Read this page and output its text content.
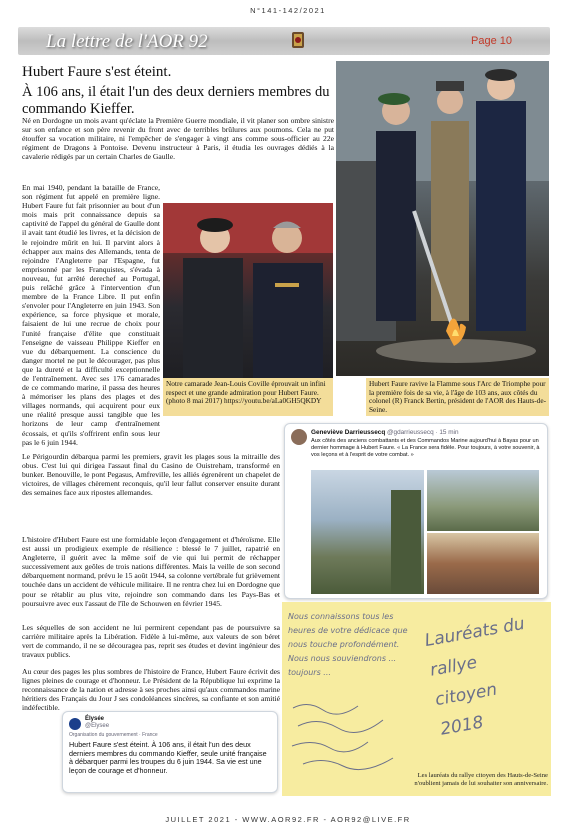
N°141-142/2021
La lettre de l'AOR 92	Page 10
Hubert Faure s'est éteint.
À 106 ans, il était l'un des deux derniers membres du commando Kieffer.
Notre camarade Jean-Louis Coville éprouvait un infini respect et une grande admiration pour Hubert Faure. (photo 8 mai 2017) https://youtu.be/aLa0GH5QKDY
Hubert Faure ravive la Flamme sous l'Arc de Triomphe pour la première fois de sa vie, à l'âge de 103 ans, aux côtés du colonel (R) Franck Bertin, président de l'AOR des Hauts-de-Seine.

Né en Dordogne un mois avant qu'éclate la Première Guerre mondiale, il vit planer son ombre sinistre sur son enfance et son père revenir du front avec de terribles brûlures aux poumons. Cela ne put étouffer sa vocation militaire, ni l'empêcher de s'engager à vingt ans comme sous-officier au 22e régiment de Dragons à Pontoise. Devenu instructeur à Paris, il étudia les ouvrages dédiés à la cavalerie rédigés par un certain Charles de Gaulle.

En mai 1940, pendant la bataille de France, son régiment fut appelé en première ligne. Hubert Faure fut fait prisonnier au bout d'un mois mais prit connaissance depuis sa captivité de l'appel du général de Gaulle dont il avait tant étudié les livres, et la décision de le rejoindre mûrit en lui. Il parvint alors à échapper aux mains des Allemands, tenta de rejoindre l'Angleterre par l'Espagne, fut emprisonné par les Franquistes, s'évada à nouveau, fut arrêté derechef au Portugal, puis relâché grâce à l'intervention d'un membre de la France Libre. Il put enfin s'envoler pour l'Angleterre en juin 1943. Son expérience, sa force physique et morale, faisaient de lui une recrue de choix pour l'unité française d'élite que constituait l'enseigne de vaisseau Philippe Kieffer en vue du débarquement. La conscience du danger mortel ne put le décourager, pas plus que la dureté et la difficulté exceptionnelle de l'entraînement. Avec ses 176 camarades de ce commando marine, il passa des heures à mémoriser les plans des plages et des villages normands, qui acquirent pour eux une réalité presque aussi tangible que les horizons de leur camp d'entraînement écossais, et qu'ils s'offrirent enfin sous leur pas le 6 juin 1944.

Le Périgourdin débarqua parmi les premiers, gravit les plages sous la mitraille des obus. C'est lui qui dirigea l'assaut final du Casino de Ouistreham, transformé en bunker. Benouville, le pont Pegasus, Amfreville, les alliés égrenèrent un chapelet de victoires, de villages chèrement reconquis, qu'il leur fallut conserver ensuite durant des semaines face aux ripostes allemandes.

L'histoire d'Hubert Faure est une formidable leçon d'engagement et d'héroïsme. Elle est aussi un prodigieux exemple de résilience : blessé le 7 juillet, rapatrié en Angleterre, il guérit avec la même soif de vie qui lui permit de réchapper successivement aux geôles de trois nations différentes. Mais la veille de son second débarquement normand, prévu le 15 août 1944, sa colonne vertébrale fut grièvement touchée dans un accident de véhicule militaire. Il ne rentra chez lui en Dordogne que pour se rétablir au plus vite, rejoindre son commando dans les Pays-Bas et poursuivre avec eux l'assaut de l'île de Schouwen en février 1945.

Les séquelles de son accident ne lui permirent cependant pas de poursuivre sa carrière militaire après la Libération. Fidèle à lui-même, aux valeurs de son béret vert de commando, il ne se découragea pas, reprit ses études et devint ingénieur des travaux publics.

Au cœur des pages les plus sombres de l'histoire de France, Hubert Faure écrivit des lignes pleines de courage et d'honneur. Le Président de la République lui exprime la reconnaissance de la nation et adresse à ses proches ainsi qu'aux commandos marine héritiers des Français du Jour J ses condoléances sincères, sa confiante et son amitié indéfectible.

Geneviève Darrieussecq @gdarrieussecq · 15 min
Aux côtés des anciens combattants et des Commandos Marine aujourd'hui à Bayas pour un dernier hommage à Hubert Faure. « La France sera fidèle. Pour toujours, à votre souvenir, à vos leçons et à l'esprit de votre combat. »
Nous connaissons tous les heures de votre dédicace que nous touche profondément. Nous nous souviendrons ... toujours ...
Lauréats du rallye citoyen 2018
Les lauréats du rallye citoyen des Hauts-de-Seine n'oublient jamais de lui souhaiter son anniversaire.
Élysée
@Elysee
Organisation du gouvernement · France
Hubert Faure s'est éteint. À 106 ans, il était l'un des deux derniers membres du commando Kieffer, seule unité française à débarquer parmi les troupes du 6 juin 1944. Sa vie est une leçon de courage et d'honneur.
JUILLET 2021 - WWW.AOR92.FR - AOR92@LIVE.FR
